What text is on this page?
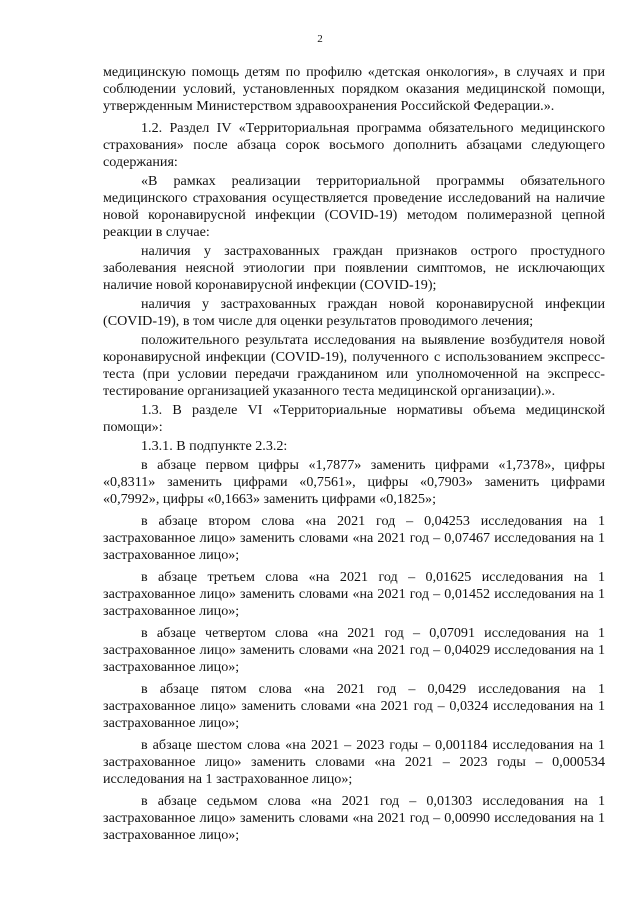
2

медицинскую помощь детям по профилю «детская онкология», в случаях и при соблюдении условий, установленных порядком оказания медицинской помощи, утвержденным Министерством здравоохранения Российской Федерации.».

1.2. Раздел IV «Территориальная программа обязательного медицинского страхования» после абзаца сорок восьмого дополнить абзацами следующего содержания:

«В рамках реализации территориальной программы обязательного медицинского страхования осуществляется проведение исследований на наличие новой коронавирусной инфекции (COVID-19) методом полимеразной цепной реакции в случае:

наличия у застрахованных граждан признаков острого простудного заболевания неясной этиологии при появлении симптомов, не исключающих наличие новой коронавирусной инфекции (COVID-19);

наличия у застрахованных граждан новой коронавирусной инфекции (COVID-19), в том числе для оценки результатов проводимого лечения;

положительного результата исследования на выявление возбудителя новой коронавирусной инфекции (COVID-19), полученного с использованием экспресс-теста (при условии передачи гражданином или уполномоченной на экспресс-тестирование организацией указанного теста медицинской организации).».

1.3. В разделе VI «Территориальные нормативы объема медицинской помощи»:

1.3.1. В подпункте 2.3.2:

в абзаце первом цифры «1,7877» заменить цифрами «1,7378», цифры «0,8311» заменить цифрами «0,7561», цифры «0,7903» заменить цифрами «0,7992», цифры «0,1663» заменить цифрами «0,1825»;

в абзаце втором слова «на 2021 год – 0,04253 исследования на 1 застрахованное лицо» заменить словами «на 2021 год – 0,07467 исследования на 1 застрахованное лицо»;

в абзаце третьем слова «на 2021 год – 0,01625 исследования на 1 застрахованное лицо» заменить словами «на 2021 год – 0,01452 исследования на 1 застрахованное лицо»;

в абзаце четвертом слова «на 2021 год – 0,07091 исследования на 1 застрахованное лицо» заменить словами «на 2021 год – 0,04029 исследования на 1 застрахованное лицо»;

в абзаце пятом слова «на 2021 год – 0,0429 исследования на 1 застрахованное лицо» заменить словами «на 2021 год – 0,0324 исследования на 1 застрахованное лицо»;

в абзаце шестом слова «на 2021 – 2023 годы – 0,001184 исследования на 1 застрахованное лицо» заменить словами «на 2021 – 2023 годы – 0,000534 исследования на 1 застрахованное лицо»;

в абзаце седьмом слова «на 2021 год – 0,01303 исследования на 1 застрахованное лицо» заменить словами «на 2021 год – 0,00990 исследования на 1 застрахованное лицо»;
